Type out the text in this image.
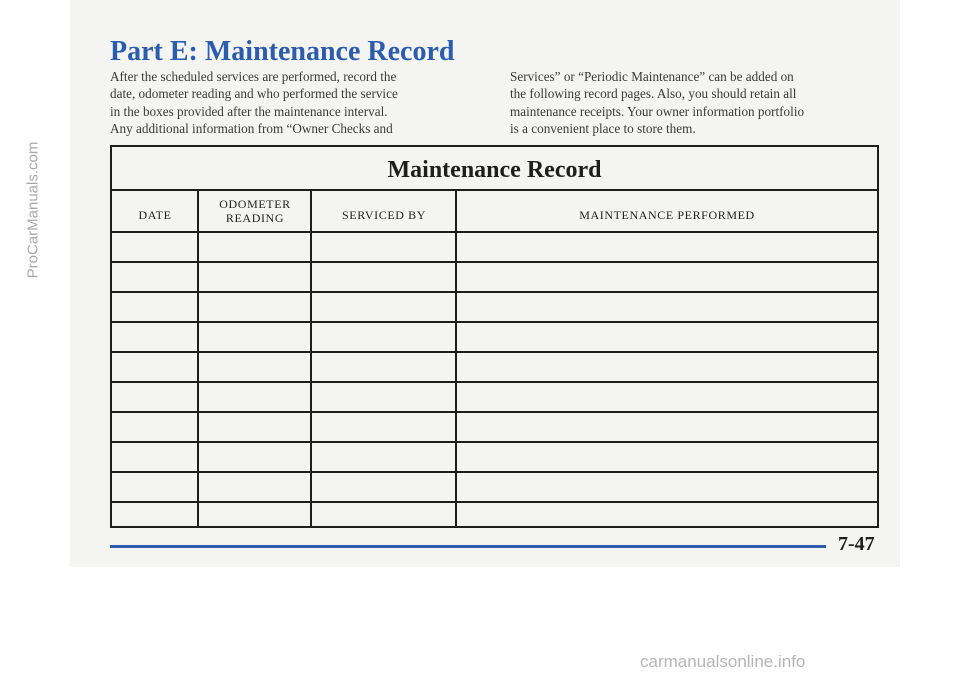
Part E: Maintenance Record

After the scheduled services are performed, record the
date, odometer reading and who performed the service
in the boxes provided after the maintenance interval.
Any additional information from “Owner Checks and

Services” or “Periodic Maintenance” can be added on
the following record pages. Also, you should retain all
maintenance receipts. Your owner information portfolio
is a convenient place to store them.

Maintenance Record
DATE
ODOMETER
READING	SERVICED BY	MAINTENANCE PERFORMED
7-47
ProCarManuals.com
carmanualsonline.info
